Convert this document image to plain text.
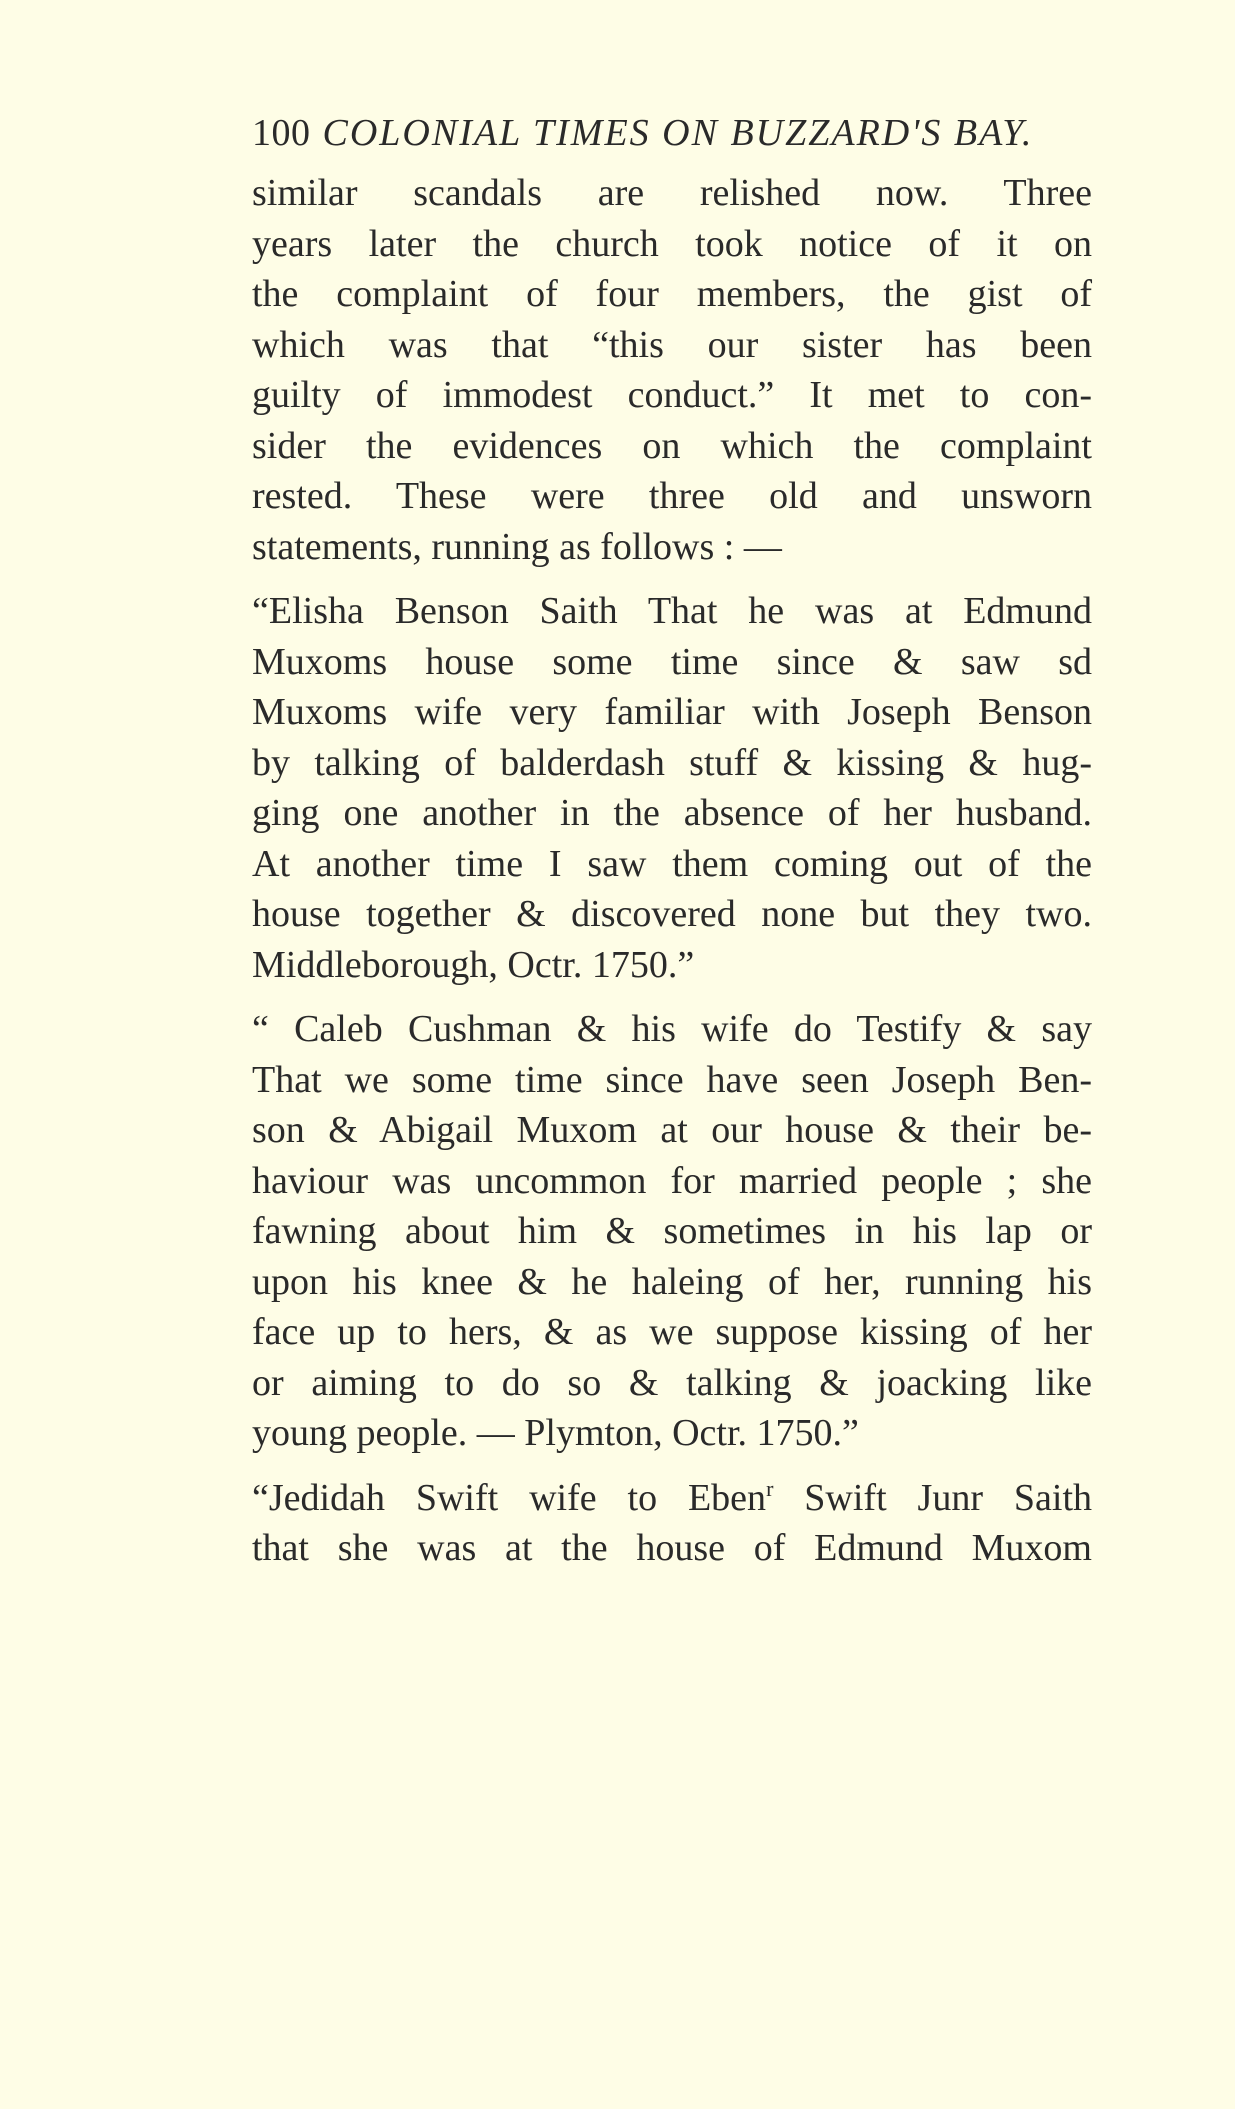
100 COLONIAL TIMES ON BUZZARD'S BAY.
similar scandals are relished now. Three
years later the church took notice of it on
the complaint of four members, the gist of
which was that “this our sister has been
guilty of immodest conduct.” It met to con-
sider the evidences on which the complaint
rested. These were three old and unsworn
statements, running as follows : —
“Elisha Benson Saith That he was at Edmund
Muxoms house some time since & saw sd
Muxoms wife very familiar with Joseph Benson
by talking of balderdash stuff & kissing & hug-
ging one another in the absence of her husband.
At another time I saw them coming out of the
house together & discovered none but they two.
Middleborough, Octr. 1750.”
“ Caleb Cushman & his wife do Testify & say
That we some time since have seen Joseph Ben-
son & Abigail Muxom at our house & their be-
haviour was uncommon for married people ; she
fawning about him & sometimes in his lap or
upon his knee & he haleing of her, running his
face up to hers, & as we suppose kissing of her
or aiming to do so & talking & joacking like
young people. — Plymton, Octr. 1750.”
“Jedidah Swift wife to Eben$^r$ Swift Junr Saith
that she was at the house of Edmund Muxom
